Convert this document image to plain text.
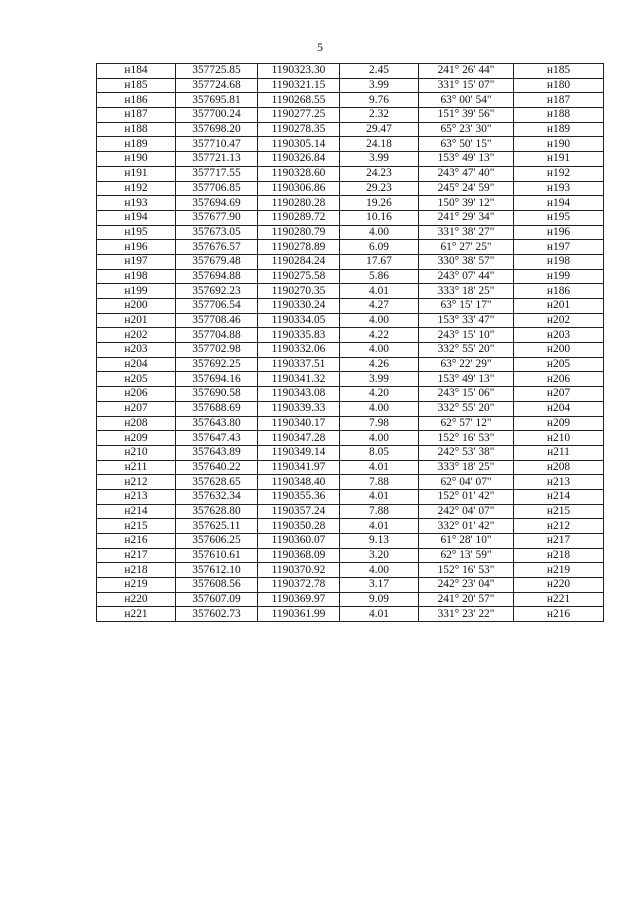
5
н184	357725.85	1190323.30	2.45	241° 26' 44"	н185
н185	357724.68	1190321.15	3.99	331° 15' 07"	н180
н186	357695.81	1190268.55	9.76	63° 00' 54"	н187
н187	357700.24	1190277.25	2.32	151° 39' 56"	н188
н188	357698.20	1190278.35	29.47	65° 23' 30"	н189
н189	357710.47	1190305.14	24.18	63° 50' 15"	н190
н190	357721.13	1190326.84	3.99	153° 49' 13"	н191
н191	357717.55	1190328.60	24.23	243° 47' 40"	н192
н192	357706.85	1190306.86	29.23	245° 24' 59"	н193
н193	357694.69	1190280.28	19.26	150° 39' 12"	н194
н194	357677.90	1190289.72	10.16	241° 29' 34"	н195
н195	357673.05	1190280.79	4.00	331° 38' 27"	н196
н196	357676.57	1190278.89	6.09	61° 27' 25"	н197
н197	357679.48	1190284.24	17.67	330° 38' 57"	н198
н198	357694.88	1190275.58	5.86	243° 07' 44"	н199
н199	357692.23	1190270.35	4.01	333° 18' 25"	н186
н200	357706.54	1190330.24	4.27	63° 15' 17"	н201
н201	357708.46	1190334.05	4.00	153° 33' 47"	н202
н202	357704.88	1190335.83	4.22	243° 15' 10"	н203
н203	357702.98	1190332.06	4.00	332° 55' 20"	н200
н204	357692.25	1190337.51	4.26	63° 22' 29"	н205
н205	357694.16	1190341.32	3.99	153° 49' 13"	н206
н206	357690.58	1190343.08	4.20	243° 15' 06"	н207
н207	357688.69	1190339.33	4.00	332° 55' 20"	н204
н208	357643.80	1190340.17	7.98	62° 57' 12"	н209
н209	357647.43	1190347.28	4.00	152° 16' 53"	н210
н210	357643.89	1190349.14	8.05	242° 53' 38"	н211
н211	357640.22	1190341.97	4.01	333° 18' 25"	н208
н212	357628.65	1190348.40	7.88	62° 04' 07"	н213
н213	357632.34	1190355.36	4.01	152° 01' 42"	н214
н214	357628.80	1190357.24	7.88	242° 04' 07"	н215
н215	357625.11	1190350.28	4.01	332° 01' 42"	н212
н216	357606.25	1190360.07	9.13	61° 28' 10"	н217
н217	357610.61	1190368.09	3.20	62° 13' 59"	н218
н218	357612.10	1190370.92	4.00	152° 16' 53"	н219
н219	357608.56	1190372.78	3.17	242° 23' 04"	н220
н220	357607.09	1190369.97	9.09	241° 20' 57"	н221
н221	357602.73	1190361.99	4.01	331° 23' 22"	н216
